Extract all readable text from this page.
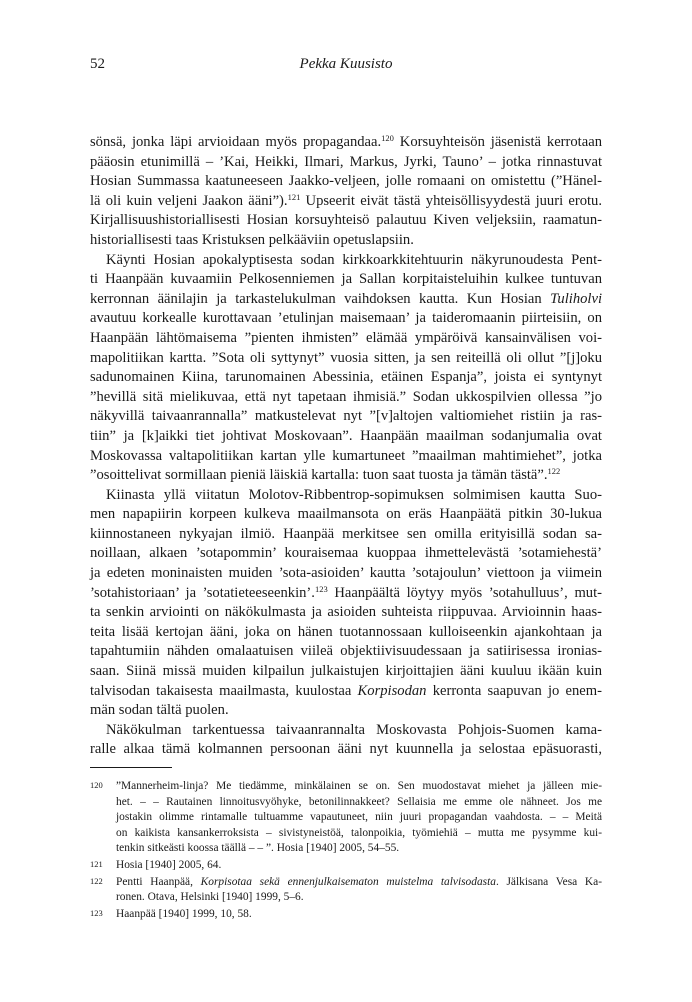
52	Pekka Kuusisto

sönsä, jonka läpi arvioidaan myös propagandaa.$^{120}$ Korsuyhteisön jäsenistä kerrotaan
pääosin etunimillä – ’Kai, Heikki, Ilmari, Markus, Jyrki, Tauno’ – jotka rinnastuvat
Hosian Summassa kaatuneeseen Jaakko-veljeen, jolle romaani on omistettu (”Hänel-
lä oli kuin veljeni Jaakon ääni”).$^{121}$ Upseerit eivät tästä yhteisöllisyydestä juuri erotu.
Kirjallisuushistoriallisesti Hosian korsuyhteisö palautuu Kiven veljeksiin, raamatun-
historiallisesti taas Kristuksen pelkääviin opetuslapsiin.

Käynti Hosian apokalyptisesta sodan kirkkoarkkitehtuurin näkyrunoudesta Pent-
ti Haanpään kuvaamiin Pelkosenniemen ja Sallan korpitaisteluihin kulkee tuntuvan
kerronnan äänilajin ja tarkastelukulman vaihdoksen kautta. Kun Hosian Tuliholvi
avautuu korkealle kurottavaan ’etulinjan maisemaan’ ja taideromaanin piirteisiin, on
Haanpään lähtömaisema ”pienten ihmisten” elämää ympäröivä kansainvälisen voi-
mapolitiikan kartta. ”Sota oli syttynyt” vuosia sitten, ja sen reiteillä oli ollut ”[j]oku
sadunomainen Kiina, tarunomainen Abessinia, etäinen Espanja”, joista ei syntynyt
”hevillä sitä mielikuvaa, että nyt tapetaan ihmisiä.” Sodan ukkospilvien ollessa ”jo
näkyvillä taivaanrannalla” matkustelevat nyt ”[v]altojen valtiomiehet ristiin ja ras-
tiin” ja [k]aikki tiet johtivat Moskovaan”. Haanpään maailman sodanjumalia ovat
Moskovassa valtapolitiikan kartan ylle kumartuneet ”maailman mahtimiehet”, jotka
”osoittelivat sormillaan pieniä läiskiä kartalla: tuon saat tuosta ja tämän tästä”.$^{122}$

Kiinasta yllä viitatun Molotov-Ribbentrop-sopimuksen solmimisen kautta Suo-
men napapiirin korpeen kulkeva maailmansota on eräs Haanpäätä pitkin 30-lukua
kiinnostaneen nykyajan ilmiö. Haanpää merkitsee sen omilla erityisillä sodan sa-
noillaan, alkaen ’sotapommin’ kouraisemaa kuoppaa ihmettelevästä ’sotamiehestä’
ja edeten moninaisten muiden ’sota-asioiden’ kautta ’sotajoulun’ viettoon ja viimein
’sotahistoriaan’ ja ’sotatieteeseenkin’.$^{123}$ Haanpäältä löytyy myös ’sotahulluus’, mut-
ta senkin arviointi on näkökulmasta ja asioiden suhteista riippuvaa. Arvioinnin haas-
teita lisää kertojan ääni, joka on hänen tuotannossaan kulloiseenkin ajankohtaan ja
tapahtumiin nähden omalaatuisen viileä objektiivisuudessaan ja satiirisessa ironias-
saan. Siinä missä muiden kilpailun julkaistujen kirjoittajien ääni kuuluu ikään kuin
talvisodan takaisesta maailmasta, kuulostaa Korpisodan kerronta saapuvan jo enem-
män sodan tältä puolen.

Näkökulman tarkentuessa taivaanrannalta Moskovasta Pohjois-Suomen kama-
ralle alkaa tämä kolmannen persoonan ääni nyt kuunnella ja selostaa epäsuorasti,

120 ”Mannerheim-linja? Me tiedämme, minkälainen se on. Sen muodostavat miehet ja jälleen mie-
het. – – Rautainen linnoitusvyöhyke, betonilinnakkeet? Sellaisia me emme ole nähneet. Jos me
jostakin olimme rintamalle tultuamme vapautuneet, niin juuri propagandan vaahdosta. – – Meitä
on kaikista kansankerroksista – sivistyneistöä, talonpoikia, työmiehiä – mutta me pysymme kui-
tenkin sitkeästi koossa täällä – – ”. Hosia [1940] 2005, 54–55.
121 Hosia [1940] 2005, 64.
122 Pentti Haanpää, Korpisotaa sekä ennenjulkaisematon muistelma talvisodasta. Jälkisana Vesa Ka-
ronen. Otava, Helsinki [1940] 1999, 5–6.
123 Haanpää [1940] 1999, 10, 58.
